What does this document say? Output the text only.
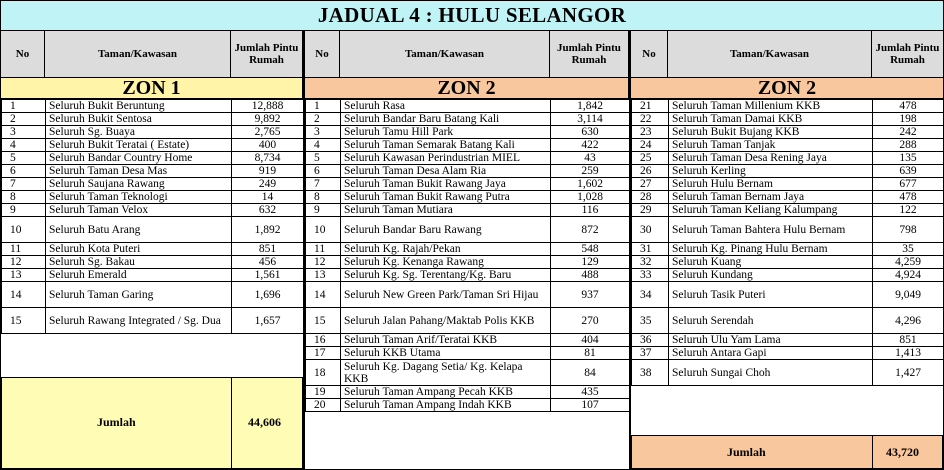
JADUAL 4 : HULU SELANGOR
No	Taman/Kawasan	Jumlah Pintu Rumah	No	Taman/Kawasan	Jumlah Pintu Rumah	No	Taman/Kawasan	Jumlah Pintu Rumah
ZON 1	ZON 2	ZON 2
1	Seluruh Bukit Beruntung	12,888
2	Seluruh Bukit Sentosa	9,892
3	Seluruh Sg. Buaya	2,765
4	Seluruh Bukit Teratai ( Estate)	400
5	Seluruh Bandar Country Home	8,734
6	Seluruh Taman Desa Mas	919
7	Seluruh Saujana Rawang	249
8	Seluruh Taman Teknologi	14
9	Seluruh Taman Velox	632
10	Seluruh Batu Arang	1,892
11	Seluruh Kota Puteri	851
12	Seluruh Sg. Bakau	456
13	Seluruh Emerald	1,561
14	Seluruh Taman Garing	1,696
15	Seluruh Rawang Integrated / Sg. Dua	1,657
1	Seluruh Rasa	1,842
2	Seluruh Bandar Baru Batang Kali	3,114
3	Seluruh Tamu Hill Park	630
4	Seluruh Taman Semarak Batang Kali	422
5	Seluruh Kawasan Perindustrian MIEL	43
6	Seluruh Taman Desa Alam Ria	259
7	Seluruh Taman Bukit Rawang Jaya	1,602
8	Seluruh Taman Bukit Rawang Putra	1,028
9	Seluruh Taman Mutiara	116
10	Seluruh Bandar Baru Rawang	872
11	Seluruh Kg. Rajah/Pekan	548
12	Seluruh Kg. Kenanga Rawang	129
13	Seluruh Kg. Sg. Terentang/Kg. Baru	488
14	Seluruh New Green Park/Taman Sri Hijau	937
15	Seluruh Jalan Pahang/Maktab Polis KKB	270
16	Seluruh Taman Arif/Teratai KKB	404
17	Seluruh KKB Utama	81
18	Seluruh Kg. Dagang Setia/ Kg. Kelapa KKB	84
19	Seluruh Taman Ampang Pecah KKB	435
20	Seluruh Taman Ampang Indah KKB	107
21	Seluruh Taman Millenium KKB	478
22	Seluruh Taman Damai KKB	198
23	Seluruh Bukit Bujang KKB	242
24	Seluruh Taman Tanjak	288
25	Seluruh Taman Desa Rening Jaya	135
26	Seluruh Kerling	639
27	Seluruh Hulu Bernam	677
28	Seluruh Taman Bernam Jaya	478
29	Seluruh Taman Keliang Kalumpang	122
30	Seluruh Taman Bahtera Hulu Bernam	798
31	Seluruh Kg. Pinang Hulu Bernam	35
32	Seluruh Kuang	4,259
33	Seluruh Kundang	4,924
34	Seluruh Tasik Puteri	9,049
35	Seluruh Serendah	4,296
36	Seluruh Ulu Yam Lama	851
37	Seluruh Antara Gapi	1,413
38	Seluruh Sungai Choh	1,427
Jumlah	44,606
Jumlah	43,720
